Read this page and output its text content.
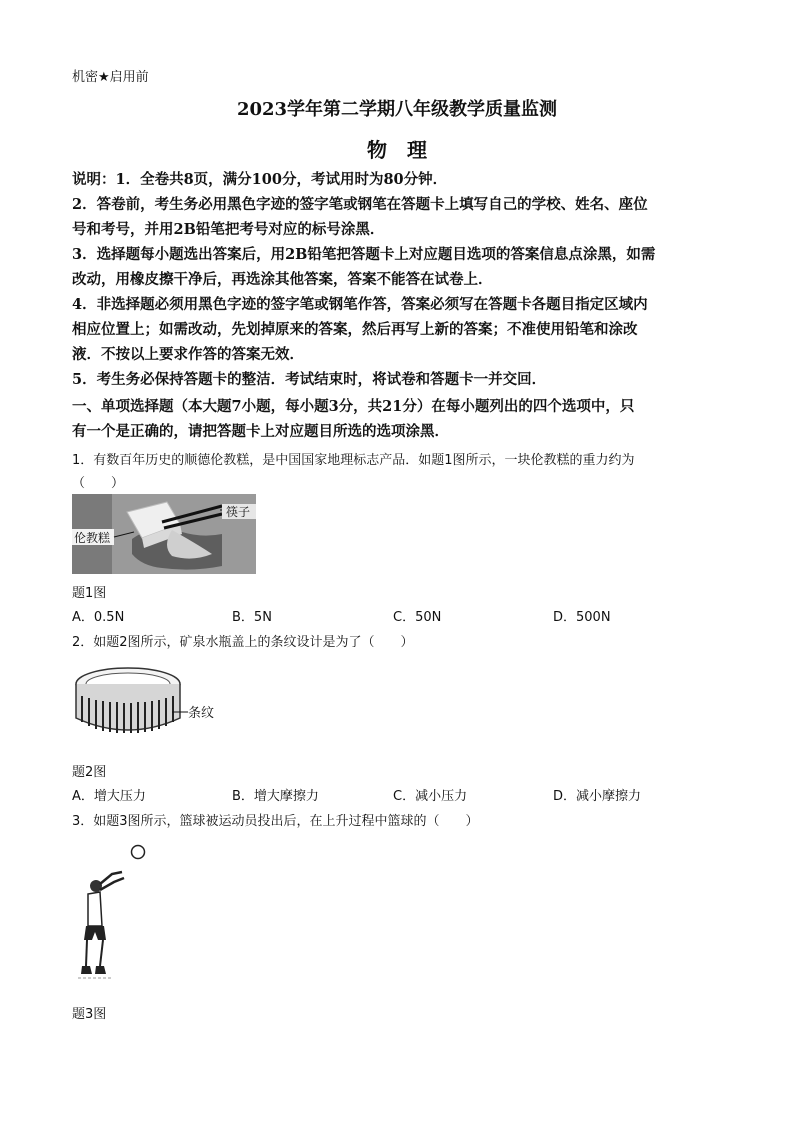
机密★启用前
2023学年第二学期八年级教学质量监测
物理
说明：1．全卷共8页，满分100分，考试用时为80分钟．
2．答卷前，考生务必用黑色字迹的签字笔或钢笔在答题卡上填写自己的学校、姓名、座位
号和考号，并用2B铅笔把考号对应的标号涂黑．
3．选择题每小题选出答案后，用2B铅笔把答题卡上对应题目选项的答案信息点涂黑，如需
改动，用橡皮擦干净后，再选涂其他答案，答案不能答在试卷上．
4．非选择题必须用黑色字迹的签字笔或钢笔作答，答案必须写在答题卡各题目指定区域内
相应位置上；如需改动，先划掉原来的答案，然后再写上新的答案；不准使用铅笔和涂改
液．不按以上要求作答的答案无效．
5．考生务必保持答题卡的整洁．考试结束时，将试卷和答题卡一并交回．
一、单项选择题（本大题7小题，每小题3分，共21分）在每小题列出的四个选项中，只
有一个是正确的，请把答题卡上对应题目所选的选项涂黑．
1．有数百年历史的顺德伦教糕，是中国国家地理标志产品．如题1图所示，一块伦教糕的重力约为
（　　）
伦教糕
筷子
题1图
A．0.5N	B．5N	C．50N	D．500N
2．如题2图所示，矿泉水瓶盖上的条纹设计是为了（　　）
条纹
题2图
A．增大压力	B．增大摩擦力	C．减小压力	D．减小摩擦力
3．如题3图所示，篮球被运动员投出后，在上升过程中篮球的（　　）
题3图
